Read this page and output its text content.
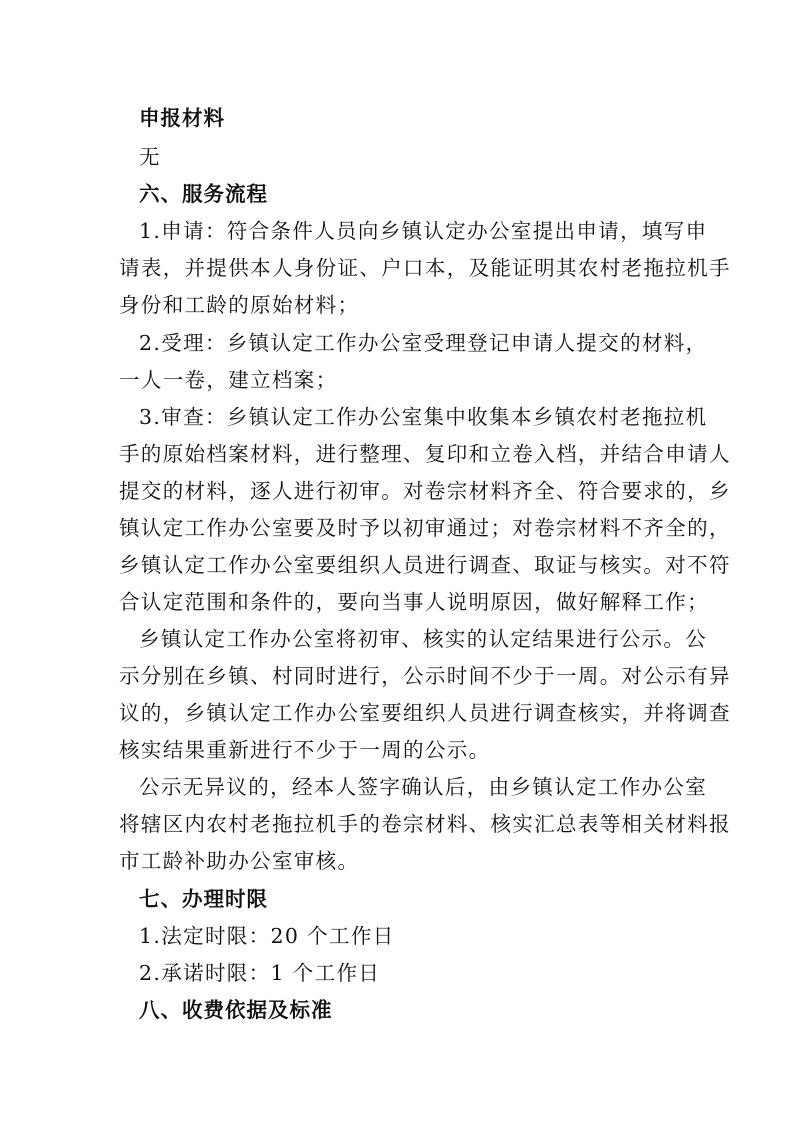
申报材料
无
六、服务流程
1.申请：符合条件人员向乡镇认定办公室提出申请，填写申
请表，并提供本人身份证、户口本，及能证明其农村老拖拉机手
身份和工龄的原始材料；
2.受理：乡镇认定工作办公室受理登记申请人提交的材料，
一人一卷，建立档案；
3.审查：乡镇认定工作办公室集中收集本乡镇农村老拖拉机
手的原始档案材料，进行整理、复印和立卷入档，并结合申请人
提交的材料，逐人进行初审。对卷宗材料齐全、符合要求的，乡
镇认定工作办公室要及时予以初审通过；对卷宗材料不齐全的，
乡镇认定工作办公室要组织人员进行调查、取证与核实。对不符
合认定范围和条件的，要向当事人说明原因，做好解释工作；
乡镇认定工作办公室将初审、核实的认定结果进行公示。公
示分别在乡镇、村同时进行，公示时间不少于一周。对公示有异
议的，乡镇认定工作办公室要组织人员进行调查核实，并将调查
核实结果重新进行不少于一周的公示。
公示无异议的，经本人签字确认后，由乡镇认定工作办公室
将辖区内农村老拖拉机手的卷宗材料、核实汇总表等相关材料报
市工龄补助办公室审核。
七、办理时限
1.法定时限：20 个工作日
2.承诺时限：1 个工作日
八、收费依据及标准
